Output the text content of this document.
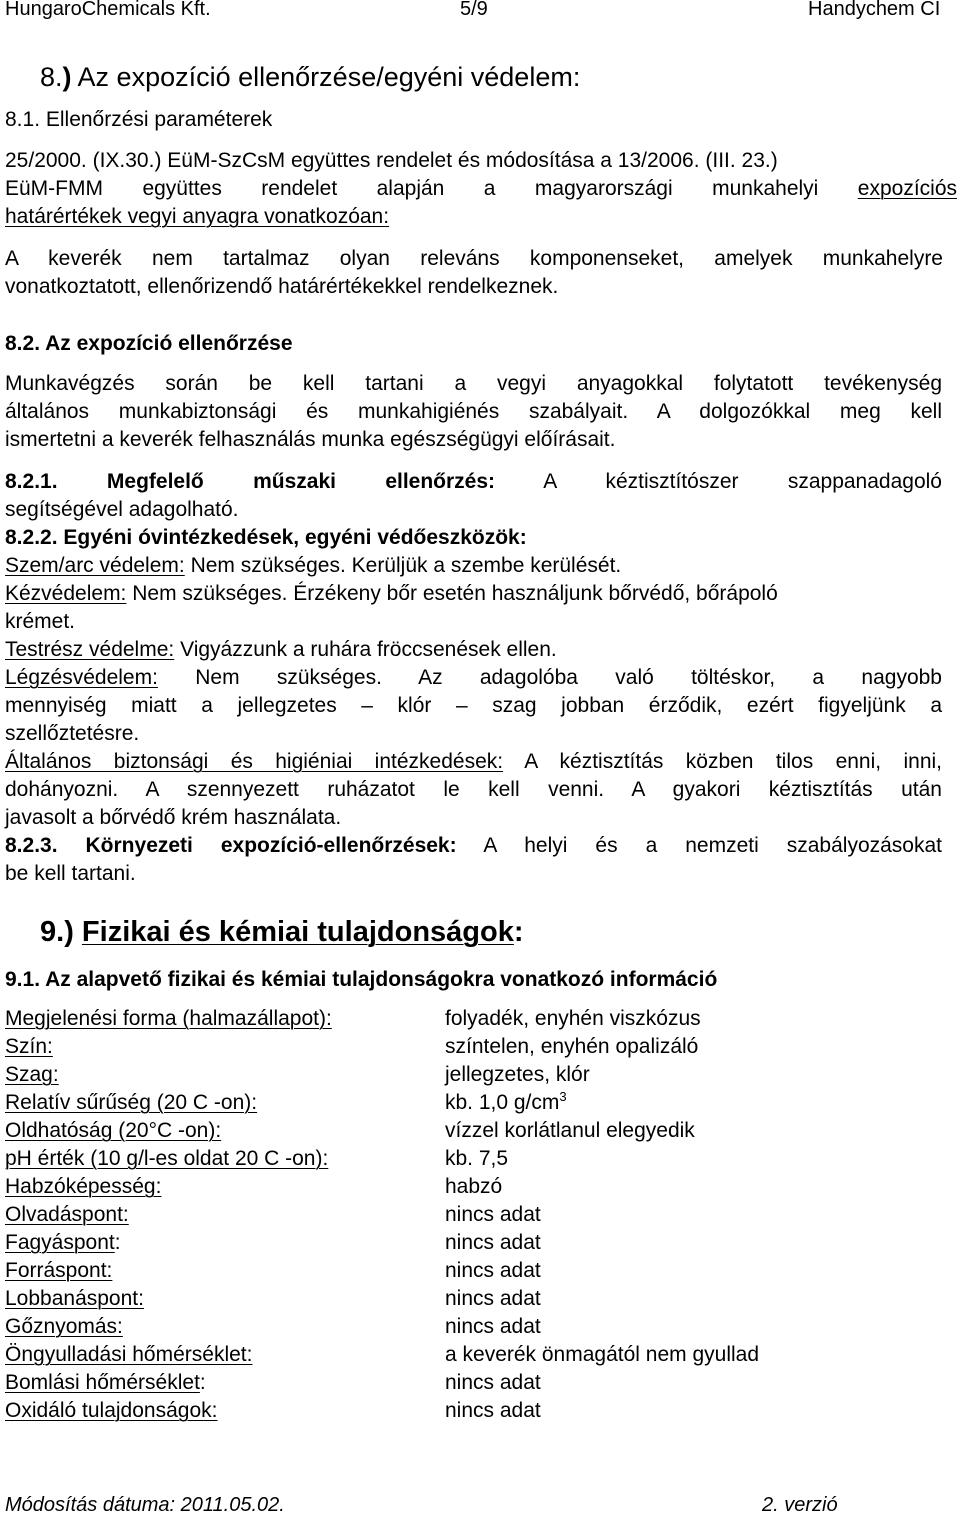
HungaroChemicals Kft.	5/9	Handychem CI
8.) Az expozíció ellenőrzése/egyéni védelem:
8.1. Ellenőrzési paraméterek
25/2000. (IX.30.) EüM-SzCsM együttes rendelet és módosítása a 13/2006. (III. 23.)
EüM-FMM együttes rendelet alapján a magyarországi munkahelyi expozíciós
határértékek vegyi anyagra vonatkozóan:
A keverék nem tartalmaz olyan releváns komponenseket, amelyek munkahelyre
vonatkoztatott, ellenőrizendő határértékekkel rendelkeznek.
8.2. Az expozíció ellenőrzése
Munkavégzés során be kell tartani a vegyi anyagokkal folytatott tevékenység
általános munkabiztonsági és munkahigiénés szabályait. A dolgozókkal meg kell
ismertetni a keverék felhasználás munka egészségügyi előírásait.
8.2.1. Megfelelő műszaki ellenőrzés: A kéztisztítószer szappanadagoló
segítségével adagolható.
8.2.2. Egyéni óvintézkedések, egyéni védőeszközök:
Szem/arc védelem: Nem szükséges. Kerüljük a szembe kerülését.
Kézvédelem: Nem szükséges. Érzékeny bőr esetén használjunk bőrvédő, bőrápoló
krémet.
Testrész védelme: Vigyázzunk a ruhára fröccsenések ellen.
Légzésvédelem: Nem szükséges. Az adagolóba való töltéskor, a nagyobb
mennyiség miatt a jellegzetes – klór – szag jobban érződik, ezért figyeljünk a
szellőztetésre.
Általános biztonsági és higiéniai intézkedések: A kéztisztítás közben tilos enni, inni,
dohányozni. A szennyezett ruházatot le kell venni. A gyakori kéztisztítás után
javasolt a bőrvédő krém használata.
8.2.3. Környezeti expozíció-ellenőrzések: A helyi és a nemzeti szabályozásokat
be kell tartani.
9.) Fizikai és kémiai tulajdonságok:
9.1. Az alapvető fizikai és kémiai tulajdonságokra vonatkozó információ
Megjelenési forma (halmazállapot):	folyadék, enyhén viszkózus
Szín:	színtelen, enyhén opalizáló
Szag:	jellegzetes, klór
Relatív sűrűség (20 C -on):	kb. 1,0 $g/cm^3$
Oldhatóság (20°C -on):	vízzel korlátlanul elegyedik
pH érték (10 g/l-es oldat 20 C -on):	kb. 7,5
Habzóképesség:	habzó
Olvadáspont:	nincs adat
Fagyáspont:	nincs adat
Forráspont:	nincs adat
Lobbanáspont:	nincs adat
Gőznyomás:	nincs adat
Öngyulladási hőmérséklet:	a keverék önmagától nem gyullad
Bomlási hőmérséklet:	nincs adat
Oxidáló tulajdonságok:	nincs adat
Módosítás dátuma: 2011.05.02.	2. verzió
